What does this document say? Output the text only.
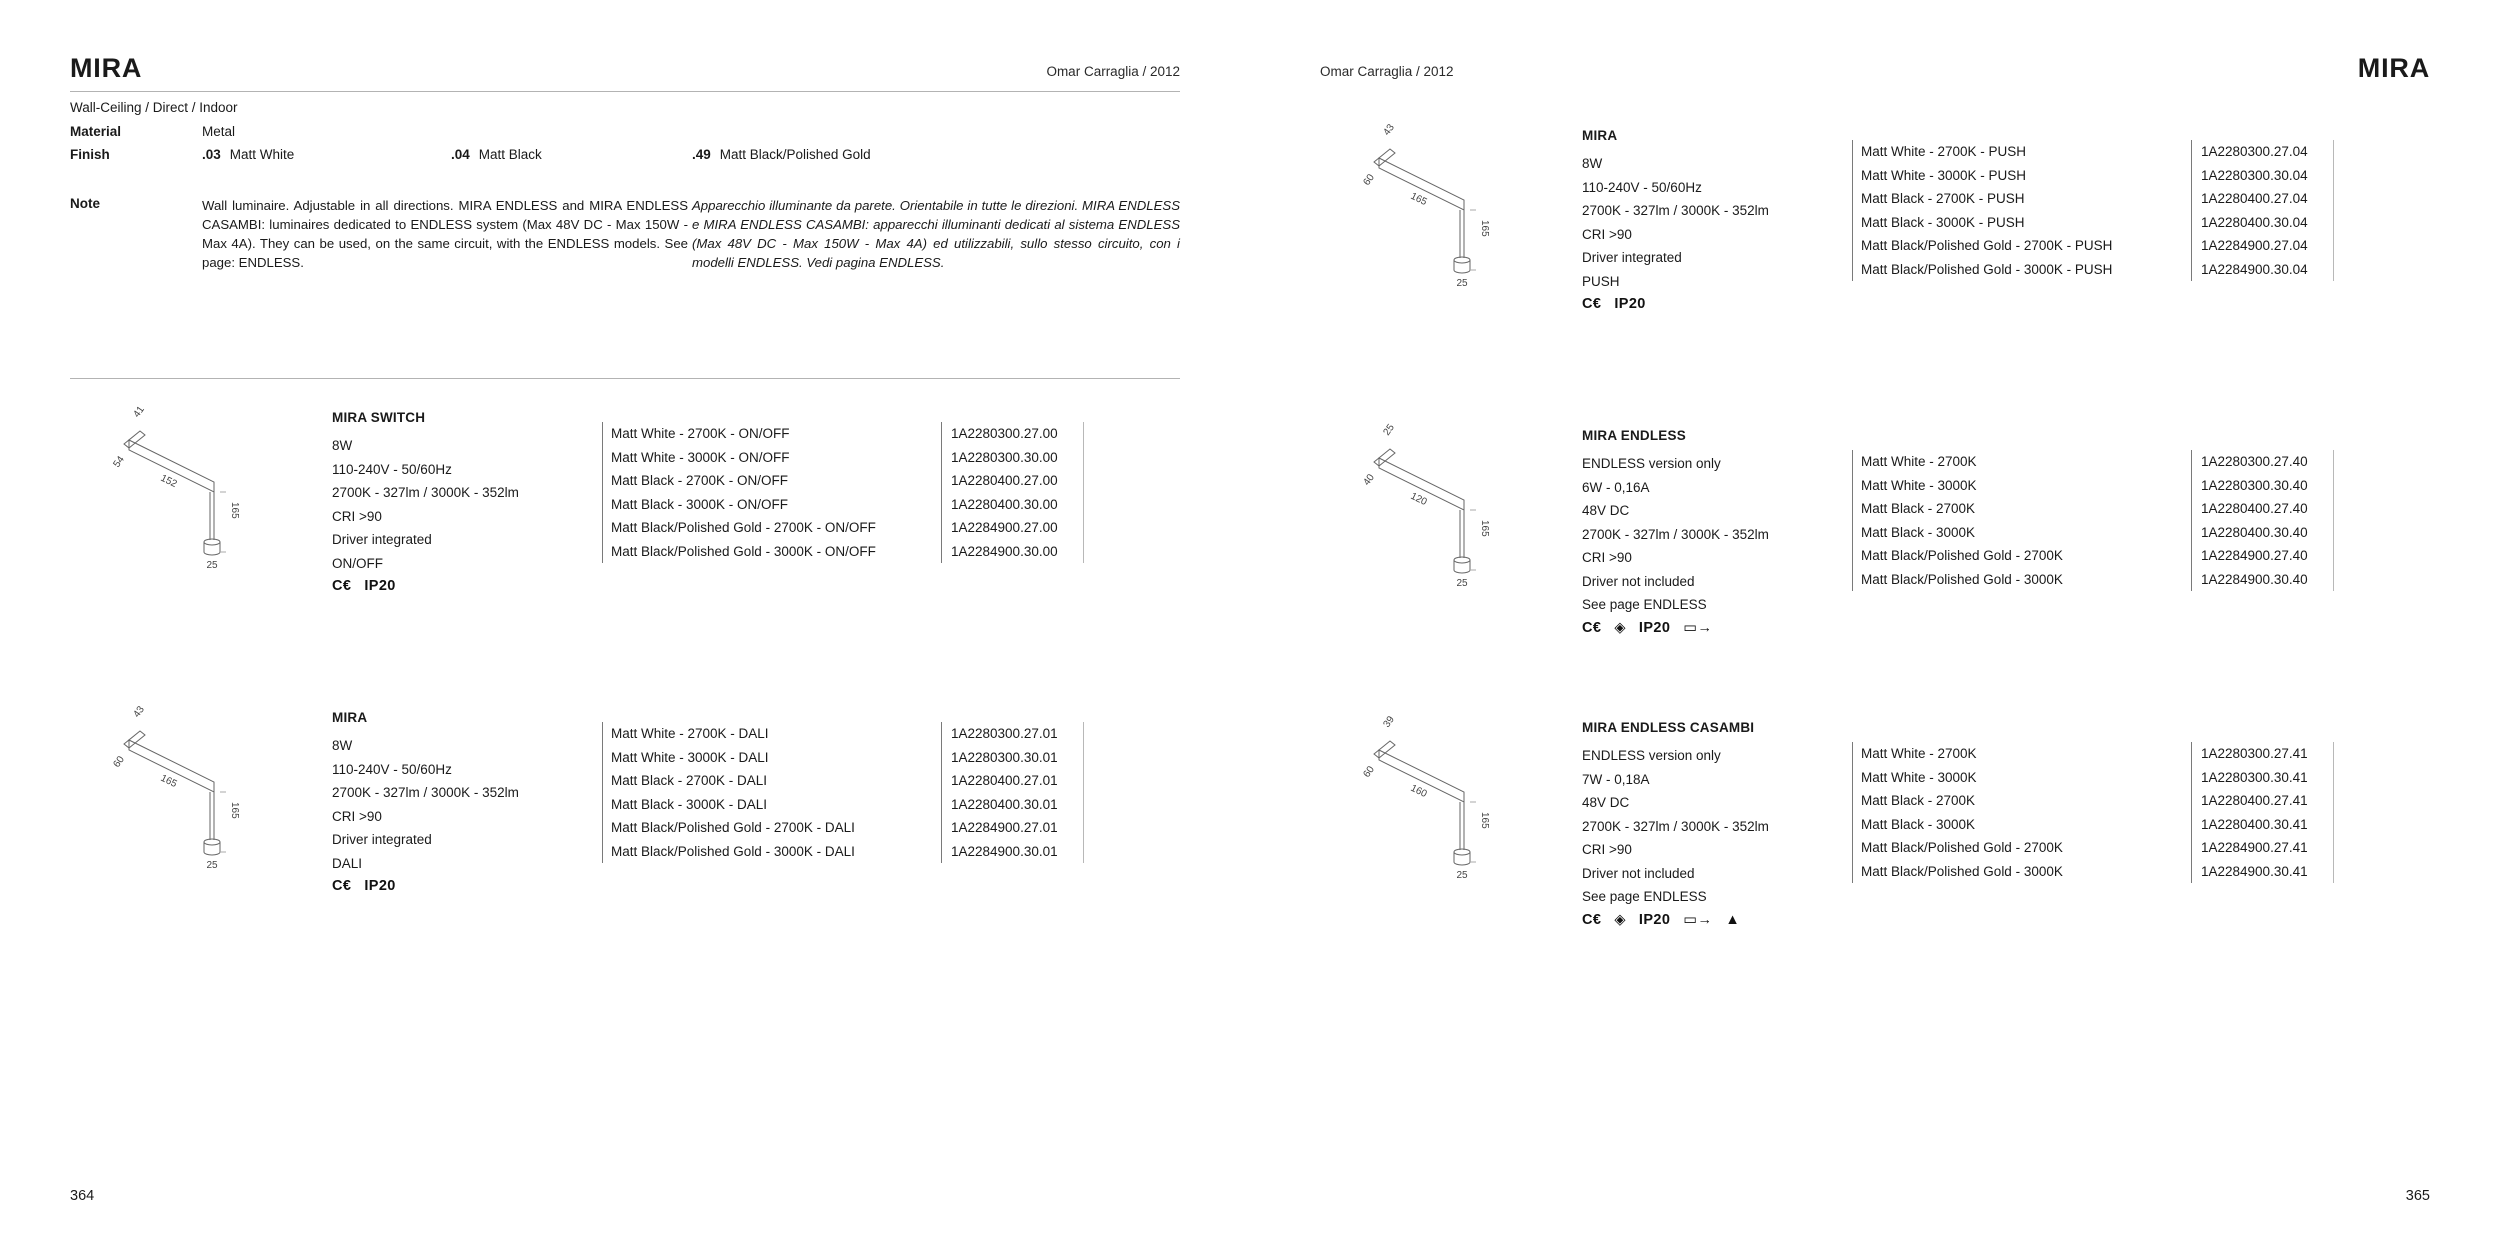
MIRA	Omar Carraglia / 2012
Wall-Ceiling / Direct / Indoor
Material	Metal
Finish	.03 Matt White	.04 Matt Black	.49 Matt Black/Polished Gold
Note	Wall luminaire. Adjustable in all directions. MIRA ENDLESS and MIRA ENDLESS CASAMBI: luminaires dedicated to ENDLESS system (Max 48V DC - Max 150W - Max 4A). They can be used, on the same circuit, with the ENDLESS models. See page: ENDLESS.

Apparecchio illuminante da parete. Orientabile in tutte le direzioni. MIRA ENDLESS e MIRA ENDLESS CASAMBI: apparecchi illuminanti dedicati al sistema ENDLESS (Max 48V DC - Max 150W - Max 4A) ed utilizzabili, sullo stesso circuito, con i modelli ENDLESS. Vedi pagina ENDLESS.

41
54
152
165
25
MIRA SWITCH
8W
110-240V - 50/60Hz
2700K - 327lm / 3000K - 352lm
CRI >90
Driver integrated
ON/OFF
C€ IP20
Matt White - 2700K - ON/OFF	1A2280300.27.00
Matt White - 3000K - ON/OFF	1A2280300.30.00
Matt Black - 2700K - ON/OFF	1A2280400.27.00
Matt Black - 3000K - ON/OFF	1A2280400.30.00
Matt Black/Polished Gold - 2700K - ON/OFF	1A2284900.27.00
Matt Black/Polished Gold - 3000K - ON/OFF	1A2284900.30.00
43
60
165
165
25
MIRA
8W
110-240V - 50/60Hz
2700K - 327lm / 3000K - 352lm
CRI >90
Driver integrated
DALI
C€ IP20
Matt White - 2700K - DALI	1A2280300.27.01
Matt White - 3000K - DALI	1A2280300.30.01
Matt Black - 2700K - DALI	1A2280400.27.01
Matt Black - 3000K - DALI	1A2280400.30.01
Matt Black/Polished Gold - 2700K - DALI	1A2284900.27.01
Matt Black/Polished Gold - 3000K - DALI	1A2284900.30.01
364
Omar Carraglia / 2012	MIRA
43
60
165
165
25
MIRA
8W
110-240V - 50/60Hz
2700K - 327lm / 3000K - 352lm
CRI >90
Driver integrated
PUSH
C€ IP20
Matt White - 2700K - PUSH	1A2280300.27.04
Matt White - 3000K - PUSH	1A2280300.30.04
Matt Black - 2700K - PUSH	1A2280400.27.04
Matt Black - 3000K - PUSH	1A2280400.30.04
Matt Black/Polished Gold - 2700K - PUSH	1A2284900.27.04
Matt Black/Polished Gold - 3000K - PUSH	1A2284900.30.04
25
40
120
165
25
MIRA ENDLESS
ENDLESS version only
6W - 0,16A
48V DC
2700K - 327lm / 3000K - 352lm
CRI >90
Driver not included
See page ENDLESS
C€ ◈ IP20 ▭→
Matt White - 2700K	1A2280300.27.40
Matt White - 3000K	1A2280300.30.40
Matt Black - 2700K	1A2280400.27.40
Matt Black - 3000K	1A2280400.30.40
Matt Black/Polished Gold - 2700K	1A2284900.27.40
Matt Black/Polished Gold - 3000K	1A2284900.30.40
39
60
160
165
25
MIRA ENDLESS CASAMBI
ENDLESS version only
7W - 0,18A
48V DC
2700K - 327lm / 3000K - 352lm
CRI >90
Driver not included
See page ENDLESS
C€ ◈ IP20 ▭→ ▲
Matt White - 2700K	1A2280300.27.41
Matt White - 3000K	1A2280300.30.41
Matt Black - 2700K	1A2280400.27.41
Matt Black - 3000K	1A2280400.30.41
Matt Black/Polished Gold - 2700K	1A2284900.27.41
Matt Black/Polished Gold - 3000K	1A2284900.30.41
365
